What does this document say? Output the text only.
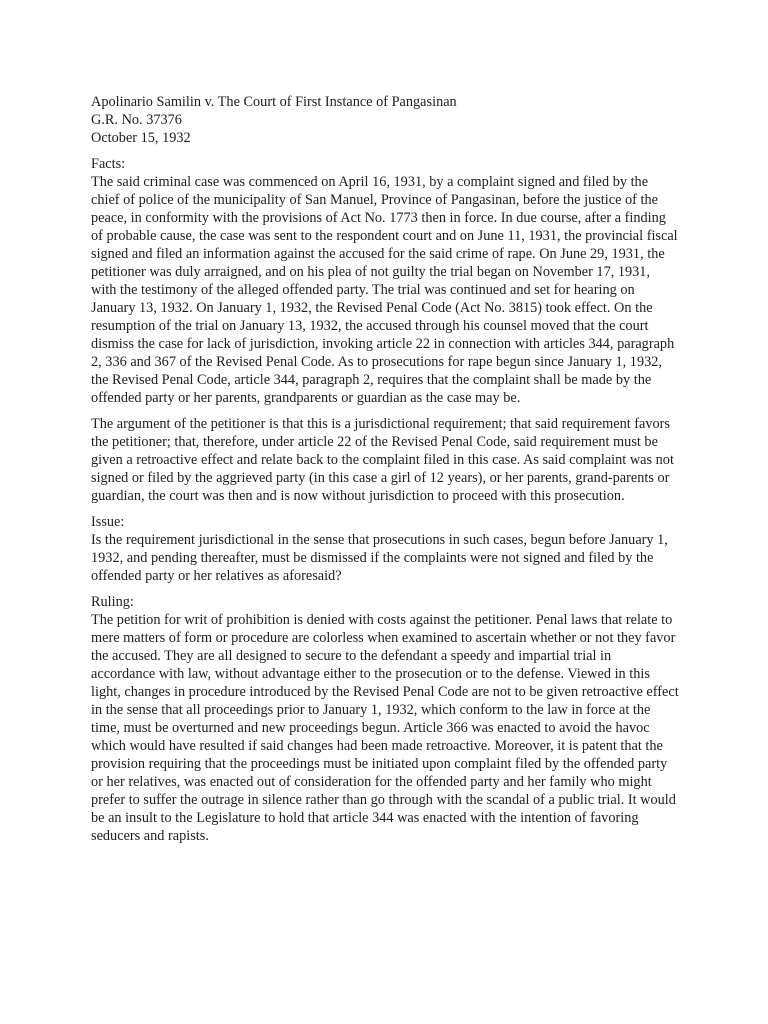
Apolinario Samilin v. The Court of First Instance of Pangasinan
G.R. No. 37376
October 15, 1932
Facts:

The said criminal case was commenced on April 16, 1931, by a complaint signed and filed by the chief of police of the municipality of San Manuel, Province of Pangasinan, before the justice of the peace, in conformity with the provisions of Act No. 1773 then in force. In due course, after a finding of probable cause, the case was sent to the respondent court and on June 11, 1931, the provincial fiscal signed and filed an information against the accused for the said crime of rape. On June 29, 1931, the petitioner was duly arraigned, and on his plea of not guilty the trial began on November 17, 1931, with the testimony of the alleged offended party. The trial was continued and set for hearing on January 13, 1932. On January 1, 1932, the Revised Penal Code (Act No. 3815) took effect. On the resumption of the trial on January 13, 1932, the accused through his counsel moved that the court dismiss the case for lack of jurisdiction, invoking article 22 in connection with articles 344, paragraph 2, 336 and 367 of the Revised Penal Code. As to prosecutions for rape begun since January 1, 1932, the Revised Penal Code, article 344, paragraph 2, requires that the complaint shall be made by the offended party or her parents, grandparents or guardian as the case may be.

The argument of the petitioner is that this is a jurisdictional requirement; that said requirement favors the petitioner; that, therefore, under article 22 of the Revised Penal Code, said requirement must be given a retroactive effect and relate back to the complaint filed in this case. As said complaint was not signed or filed by the aggrieved party (in this case a girl of 12 years), or her parents, grand-parents or guardian, the court was then and is now without jurisdiction to proceed with this prosecution.

Issue:

Is the requirement jurisdictional in the sense that prosecutions in such cases, begun before January 1, 1932, and pending thereafter, must be dismissed if the complaints were not signed and filed by the offended party or her relatives as aforesaid?

Ruling:

The petition for writ of prohibition is denied with costs against the petitioner. Penal laws that relate to mere matters of form or procedure are colorless when examined to ascertain whether or not they favor the accused. They are all designed to secure to the defendant a speedy and impartial trial in accordance with law, without advantage either to the prosecution or to the defense. Viewed in this light, changes in procedure introduced by the Revised Penal Code are not to be given retroactive effect in the sense that all proceedings prior to January 1, 1932, which conform to the law in force at the time, must be overturned and new proceedings begun. Article 366 was enacted to avoid the havoc which would have resulted if said changes had been made retroactive. Moreover, it is patent that the provision requiring that the proceedings must be initiated upon complaint filed by the offended party or her relatives, was enacted out of consideration for the offended party and her family who might prefer to suffer the outrage in silence rather than go through with the scandal of a public trial. It would be an insult to the Legislature to hold that article 344 was enacted with the intention of favoring seducers and rapists.
